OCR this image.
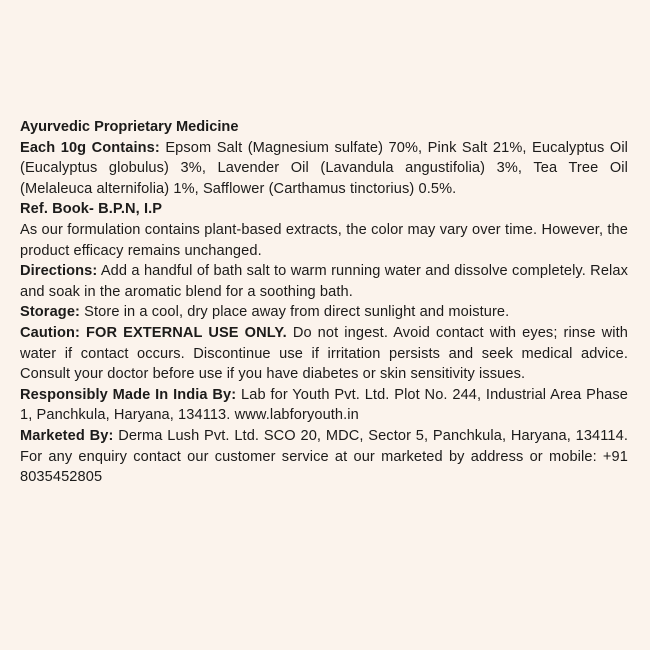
Ayurvedic Proprietary Medicine

Each 10g Contains: Epsom Salt (Magnesium sulfate) 70%, Pink Salt 21%, Eucalyptus Oil (Eucalyptus globulus) 3%, Lavender Oil (Lavandula angustifolia) 3%, Tea Tree Oil (Melaleuca alternifolia) 1%, Safflower (Carthamus tinctorius) 0.5%.

Ref. Book- B.P.N, I.P

As our formulation contains plant-based extracts, the color may vary over time. However, the product efficacy remains unchanged.

Directions: Add a handful of bath salt to warm running water and dissolve completely. Relax and soak in the aromatic blend for a soothing bath.

Storage: Store in a cool, dry place away from direct sunlight and moisture.

Caution: FOR EXTERNAL USE ONLY. Do not ingest. Avoid contact with eyes; rinse with water if contact occurs. Discontinue use if irritation persists and seek medical advice. Consult your doctor before use if you have diabetes or skin sensitivity issues.

Responsibly Made In India By: Lab for Youth Pvt. Ltd. Plot No. 244, Industrial Area Phase 1, Panchkula, Haryana, 134113. www.labforyouth.in

Marketed By: Derma Lush Pvt. Ltd. SCO 20, MDC, Sector 5, Panchkula, Haryana, 134114. For any enquiry contact our customer service at our marketed by address or mobile: +91 8035452805
